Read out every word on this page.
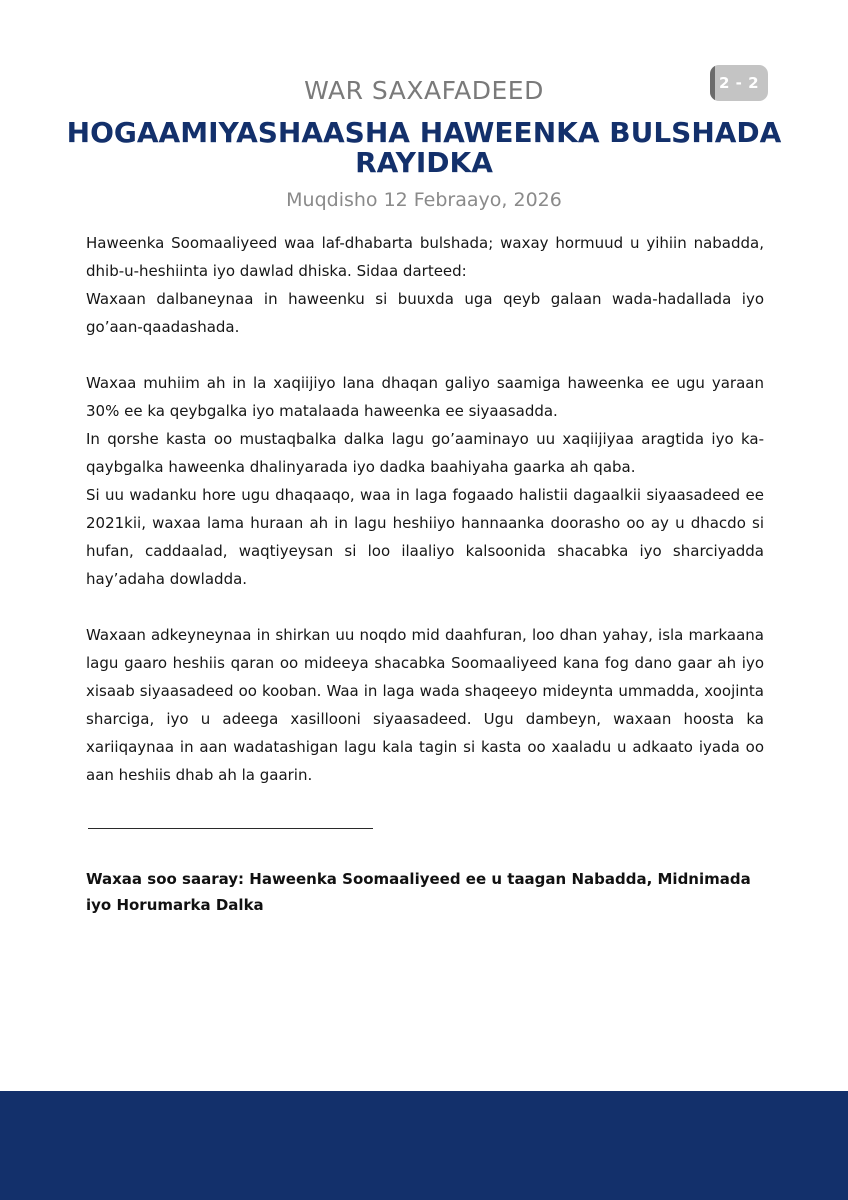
2 - 2
WAR SAXAFADEED
HOGAAMIYASHAASHA HAWEENKA BULSHADA RAYIDKA
Muqdisho 12 Febraayo, 2026

Haweenka Soomaaliyeed waa laf-dhabarta bulshada; waxay hormuud u yihiin nabadda, dhib-u-heshiinta iyo dawlad dhiska. Sidaa darteed:

Waxaan dalbaneynaa in haweenku si buuxda uga qeyb galaan wada-hadallada iyo go’aan-qaadashada.

Waxaa muhiim ah in la xaqiijiyo lana dhaqan galiyo saamiga haweenka ee ugu yaraan 30% ee ka qeybgalka iyo matalaada haweenka ee siyaasadda.

In qorshe kasta oo mustaqbalka dalka lagu go’aaminayo uu xaqiijiyaa aragtida iyo ka-qaybgalka haweenka dhalinyarada iyo dadka baahiyaha gaarka ah qaba.

Si uu wadanku hore ugu dhaqaaqo, waa in laga fogaado halistii dagaalkii siyaasadeed ee 2021kii, waxaa lama huraan ah in lagu heshiiyo hannaanka doorasho oo ay u dhacdo si hufan, caddaalad, waqtiyeysan si loo ilaaliyo kalsoonida shacabka iyo sharciyadda hay’adaha dowladda.

Waxaan adkeyneynaa in shirkan uu noqdo mid daahfuran, loo dhan yahay, isla markaana lagu gaaro heshiis qaran oo mideeya shacabka Soomaaliyeed kana fog dano gaar ah iyo xisaab siyaasadeed oo kooban. Waa in laga wada shaqeeyo mideynta ummadda, xoojinta sharciga, iyo u adeega xasillooni siyaasadeed. Ugu dambeyn, waxaan hoosta ka xariiqaynaa in aan wadatashigan lagu kala tagin si kasta oo xaaladu u adkaato iyada oo aan heshiis dhab ah la gaarin.

Waxaa soo saaray: Haweenka Soomaaliyeed ee u taagan Nabadda, Midnimada iyo Horumarka Dalka
